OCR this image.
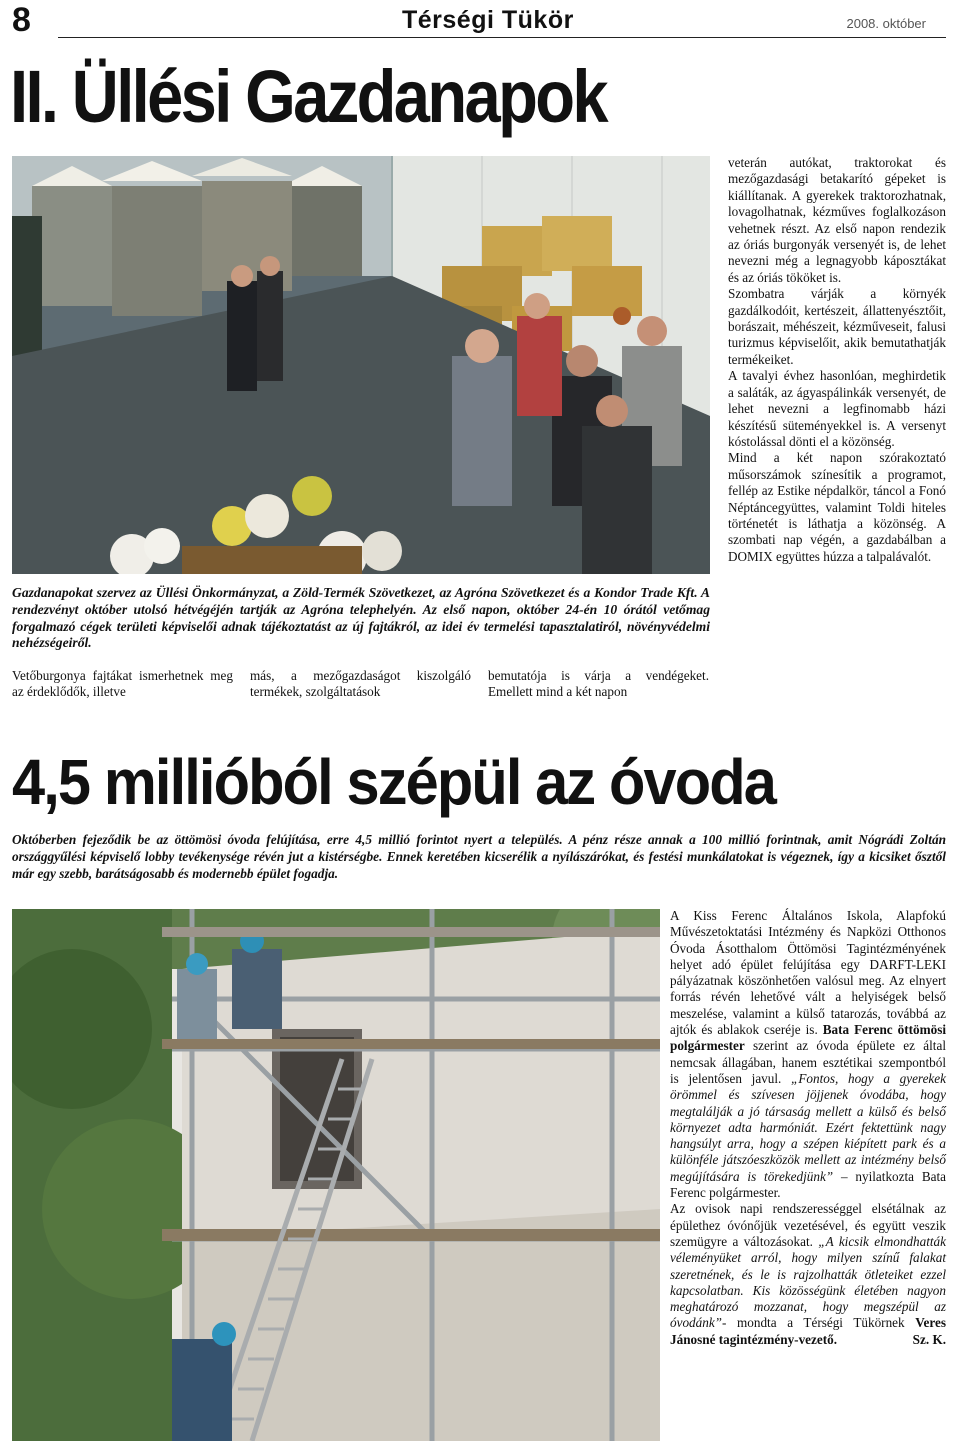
8	Térségi Tükör	2008. október
II. Üllési Gazdanapok
Gazdanapokat szervez az Üllési Önkormányzat, a Zöld-Termék Szövetkezet, az Agróna Szövetkezet és a Kondor Trade Kft. A rendezvényt október utolsó hétvégéjén tartják az Agróna telephelyén. Az első napon, október 24-én 10 órától vetőmag forgalmazó cégek területi képviselői adnak tájékoztatást az új fajtákról, az idei év termelési tapasztalatiról, növényvédelmi nehézségeiről.
Vetőburgonya fajtákat ismerhetnek meg az érdeklődők, illetve
más, a mezőgazdaságot kiszolgáló termékek, szolgáltatások
bemutatója is várja a vendégeket. Emellett mind a két napon

veterán autókat, traktorokat és mezőgazdasági betakarító gépeket is kiállítanak. A gyerekek traktorozhatnak, lovagolhatnak, kézműves foglalkozáson vehetnek részt. Az első napon rendezik az óriás burgonyák versenyét is, de lehet nevezni még a legnagyobb káposztákat és az óriás tököket is.

Szombatra várják a környék gazdálkodóit, kertészeit, állattenyésztőit, borászait, méhészeit, kézműveseit, falusi turizmus képviselőit, akik bemutathatják termékeiket.

A tavalyi évhez hasonlóan, meghirdetik a saláták, az ágyaspálinkák versenyét, de lehet nevezni a legfinomabb házi készítésű süteményekkel is. A versenyt kóstolással dönti el a közönség.

Mind a két napon szórakoztató műsorszámok színesítik a programot, fellép az Estike népdalkör, táncol a Fonó Néptáncegyüttes, valamint Toldi hiteles történetét is láthatja a közönség. A szombati nap végén, a gazdabálban a DOMIX együttes húzza a talpalávalót.

4,5 millióból szépül az óvoda
Októberben fejeződik be az öttömösi óvoda felújítása, erre 4,5 millió forintot nyert a település. A pénz része annak a 100 millió forintnak, amit Nógrádi Zoltán országgyűlési képviselő lobby tevékenysége révén jut a kistérségbe. Ennek keretében kicserélik a nyílászárókat, és festési munkálatokat is végeznek, így a kicsiket ősztől már egy szebb, barátságosabb és modernebb épület fogadja.

A Kiss Ferenc Általános Iskola, Alapfokú Művészetoktatási Intézmény és Napközi Otthonos Óvoda Ásotthalom Öttömösi Tagintézményének helyet adó épület felújítása egy DARFT-LEKI pályázatnak köszönhetően valósul meg. Az elnyert forrás révén lehetővé vált a helyiségek belső meszelése, valamint a külső tatarozás, továbbá az ajtók és ablakok cseréje is. Bata Ferenc öttömösi polgármester szerint az óvoda épülete ez által nemcsak állagában, hanem esztétikai szempontból is jelentősen javul. „Fontos, hogy a gyerekek örömmel és szívesen jöjjenek óvodába, hogy megtalálják a jó társaság mellett a külső és belső környezet adta harmóniát. Ezért fektettünk nagy hangsúlyt arra, hogy a szépen kiépített park és a különféle játszóeszközök mellett az intézmény belső megújítására is törekedjünk” – nyilatkozta Bata Ferenc polgármester.

Az ovisok napi rendszerességgel elsétálnak az épülethez óvónőjük vezetésével, és együtt veszik szemügyre a változásokat. „A kicsik elmondhatták véleményüket arról, hogy milyen színű falakat szeretnének, és le is rajzolhatták ötleteiket ezzel kapcsolatban. Kis közösségünk életében nagyon meghatározó mozzanat, hogy megszépül az óvodánk”- mondta a Térségi Tükörnek Veres Jánosné tagintézmény-vezető.	Sz. K.
